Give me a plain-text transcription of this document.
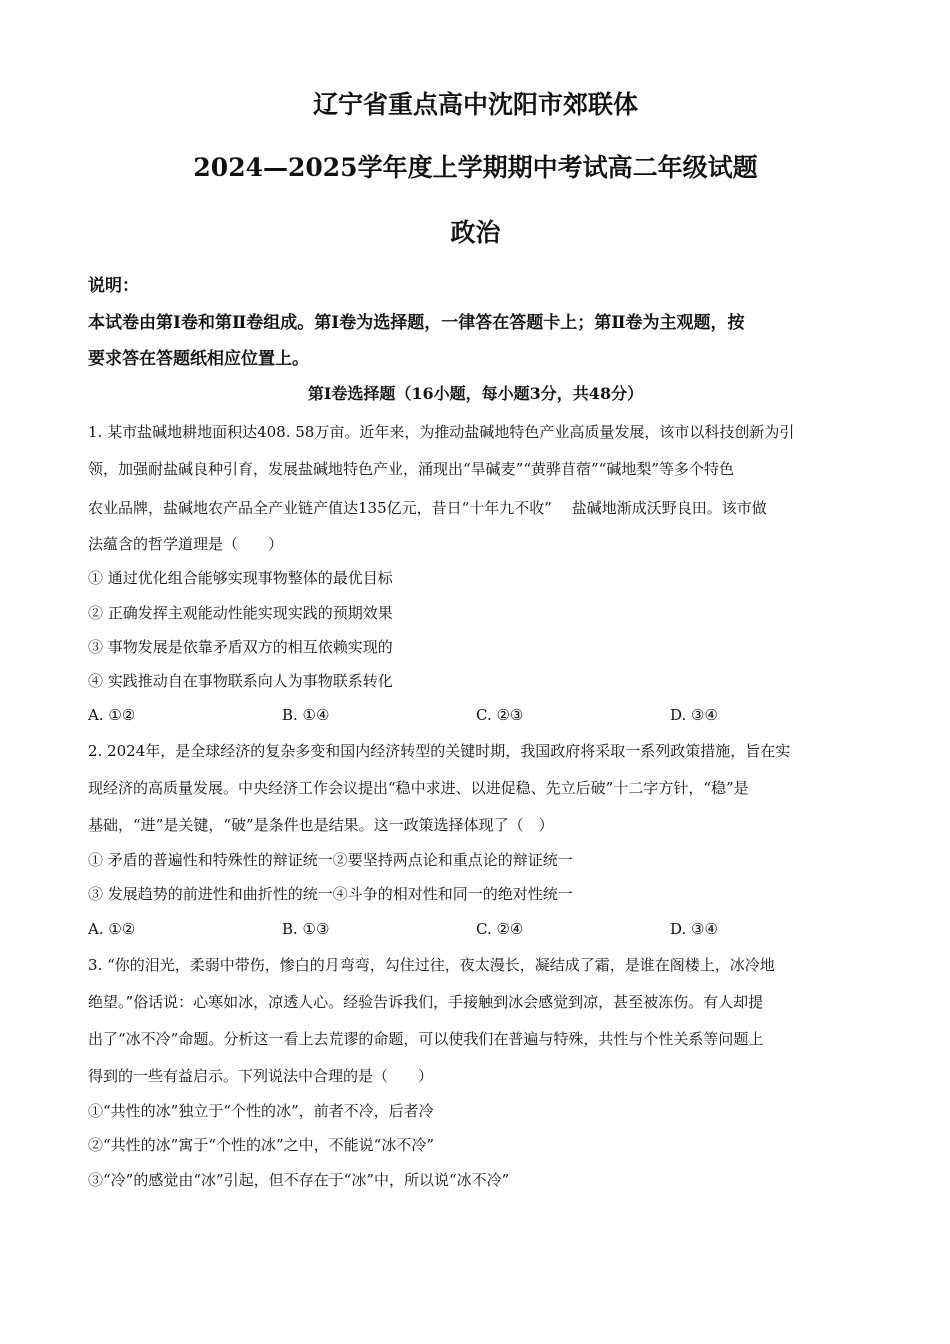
辽宁省重点高中沈阳市郊联体
2024—2025学年度上学期期中考试高二年级试题
政治
说明：
本试卷由第Ⅰ卷和第Ⅱ卷组成。第Ⅰ卷为选择题，一律答在答题卡上；第Ⅱ卷为主观题，按
要求答在答题纸相应位置上。
第Ⅰ卷选择题（16小题，每小题3分，共48分）
1. 某市盐碱地耕地面积达408. 58万亩。近年来，为推动盐碱地特色产业高质量发展，该市以科技创新为引
领，加强耐盐碱良种引育，发展盐碱地特色产业，涌现出“旱碱麦”“黄骅苜蓿”“碱地梨”等多个特色
农业品牌，盐碱地农产品全产业链产值达135亿元，昔日“十年九不收”　 盐碱地渐成沃野良田。该市做
法蕴含的哲学道理是（　　）
① 通过优化组合能够实现事物整体的最优目标
② 正确发挥主观能动性能实现实践的预期效果
③ 事物发展是依靠矛盾双方的相互依赖实现的
④ 实践推动自在事物联系向人为事物联系转化
A. ①②	B. ①④	C. ②③	D. ③④
2. 2024年，是全球经济的复杂多变和国内经济转型的关键时期，我国政府将采取一系列政策措施，旨在实
现经济的高质量发展。中央经济工作会议提出“稳中求进、以进促稳、先立后破”十二字方针，“稳”是
基础，“进”是关键，“破”是条件也是结果。这一政策选择体现了（　）
① 矛盾的普遍性和特殊性的辩证统一②要坚持两点论和重点论的辩证统一
③ 发展趋势的前进性和曲折性的统一④斗争的相对性和同一的绝对性统一
A. ①②	B. ①③	C. ②④	D. ③④
3. “你的泪光，柔弱中带伤，惨白的月弯弯，勾住过往，夜太漫长，凝结成了霜，是谁在阁楼上，冰冷地
绝望。”俗话说：心寒如冰，凉透人心。经验告诉我们，手接触到冰会感觉到凉，甚至被冻伤。有人却提
出了“冰不冷”命题。分析这一看上去荒谬的命题，可以使我们在普遍与特殊，共性与个性关系等问题上
得到的一些有益启示。下列说法中合理的是（　　）
①“共性的冰”独立于“个性的冰”，前者不冷，后者冷
②“共性的冰”寓于“个性的冰”之中，不能说“冰不冷”
③“冷”的感觉由“冰”引起，但不存在于“冰”中，所以说“冰不冷”
